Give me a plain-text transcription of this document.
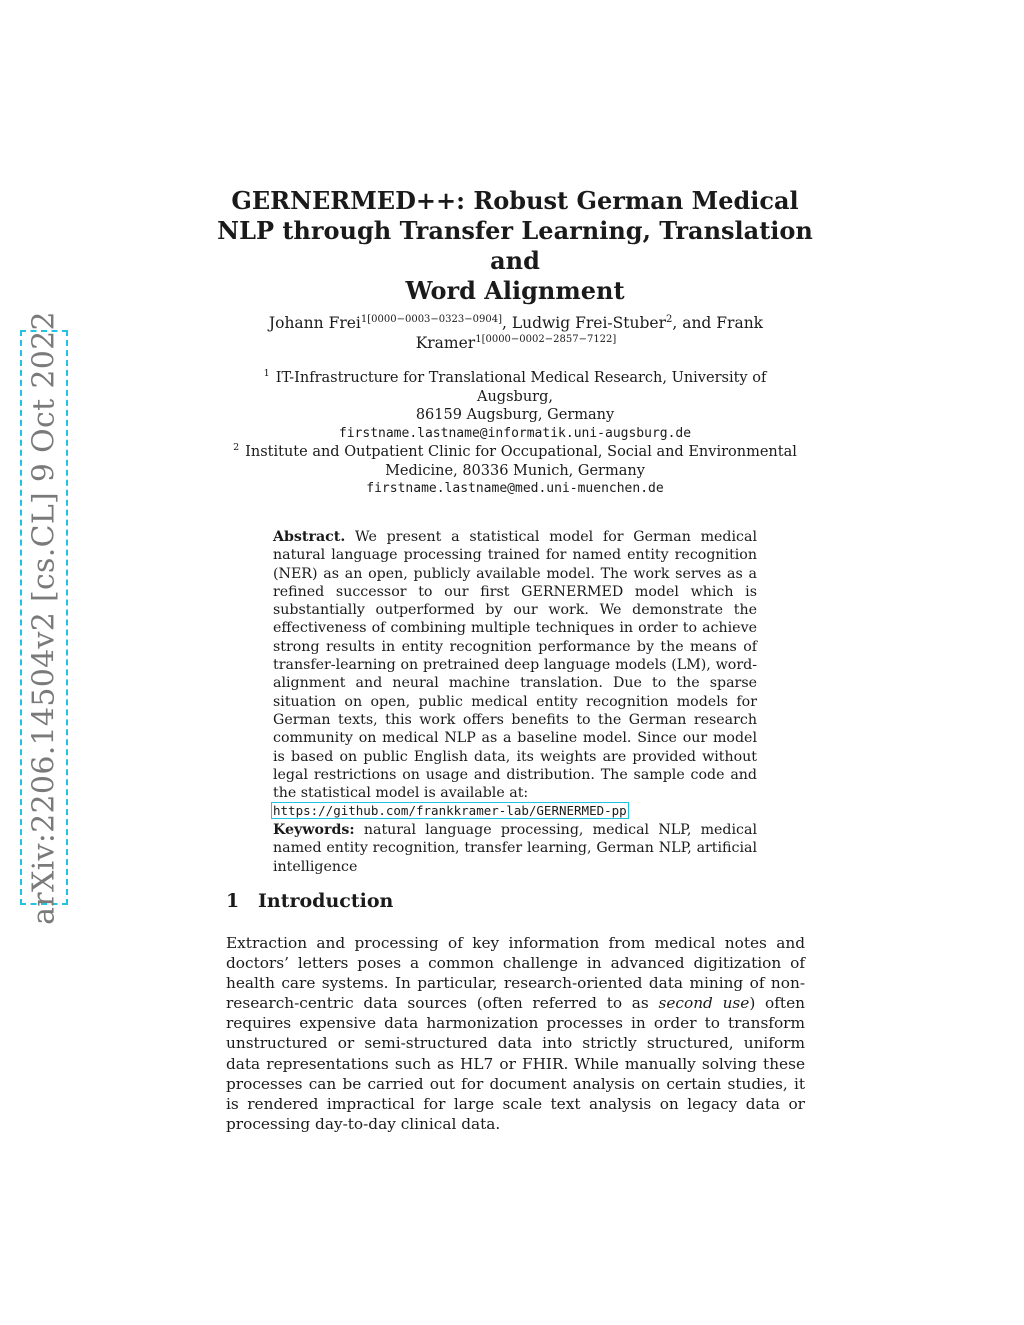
arXiv:2206.14504v2 [cs.CL] 9 Oct 2022
GERNERMED++: Robust German Medical
NLP through Transfer Learning, Translation and
Word Alignment
Johann Frei$^{1[0000-0003-0323-0904]}$, Ludwig Frei-Stuber$^2$, and Frank Kramer$^{1[0000-0002-2857-7122]}$
$^1$ IT-Infrastructure for Translational Medical Research, University of Augsburg,
86159 Augsburg, Germany
firstname.lastname@informatik.uni-augsburg.de
$^2$ Institute and Outpatient Clinic for Occupational, Social and Environmental
Medicine, 80336 Munich, Germany
firstname.lastname@med.uni-muenchen.de
Abstract. We present a statistical model for German medical natural language processing trained for named entity recognition (NER) as an open, publicly available model. The work serves as a refined successor to our first GERNERMED model which is substantially outperformed by our work. We demonstrate the effectiveness of combining multiple techniques in order to achieve strong results in entity recognition performance by the means of transfer-learning on pretrained deep language models (LM), word-alignment and neural machine translation. Due to the sparse situation on open, public medical entity recognition models for German texts, this work offers benefits to the German research community on medical NLP as a baseline model. Since our model is based on public English data, its weights are provided without legal restrictions on usage and distribution. The sample code and the statistical model is available at:
https://github.com/frankkramer-lab/GERNERMED-pp
Keywords: natural language processing, medical NLP, medical named entity recognition, transfer learning, German NLP, artificial intelligence
1 Introduction
Extraction and processing of key information from medical notes and doctors’ letters poses a common challenge in advanced digitization of health care systems. In particular, research-oriented data mining of non-research-centric data sources (often referred to as second use) often requires expensive data harmonization processes in order to transform unstructured or semi-structured data into strictly structured, uniform data representations such as HL7 or FHIR. While manually solving these processes can be carried out for document analysis on certain studies, it is rendered impractical for large scale text analysis on legacy data or processing day-to-day clinical data.
